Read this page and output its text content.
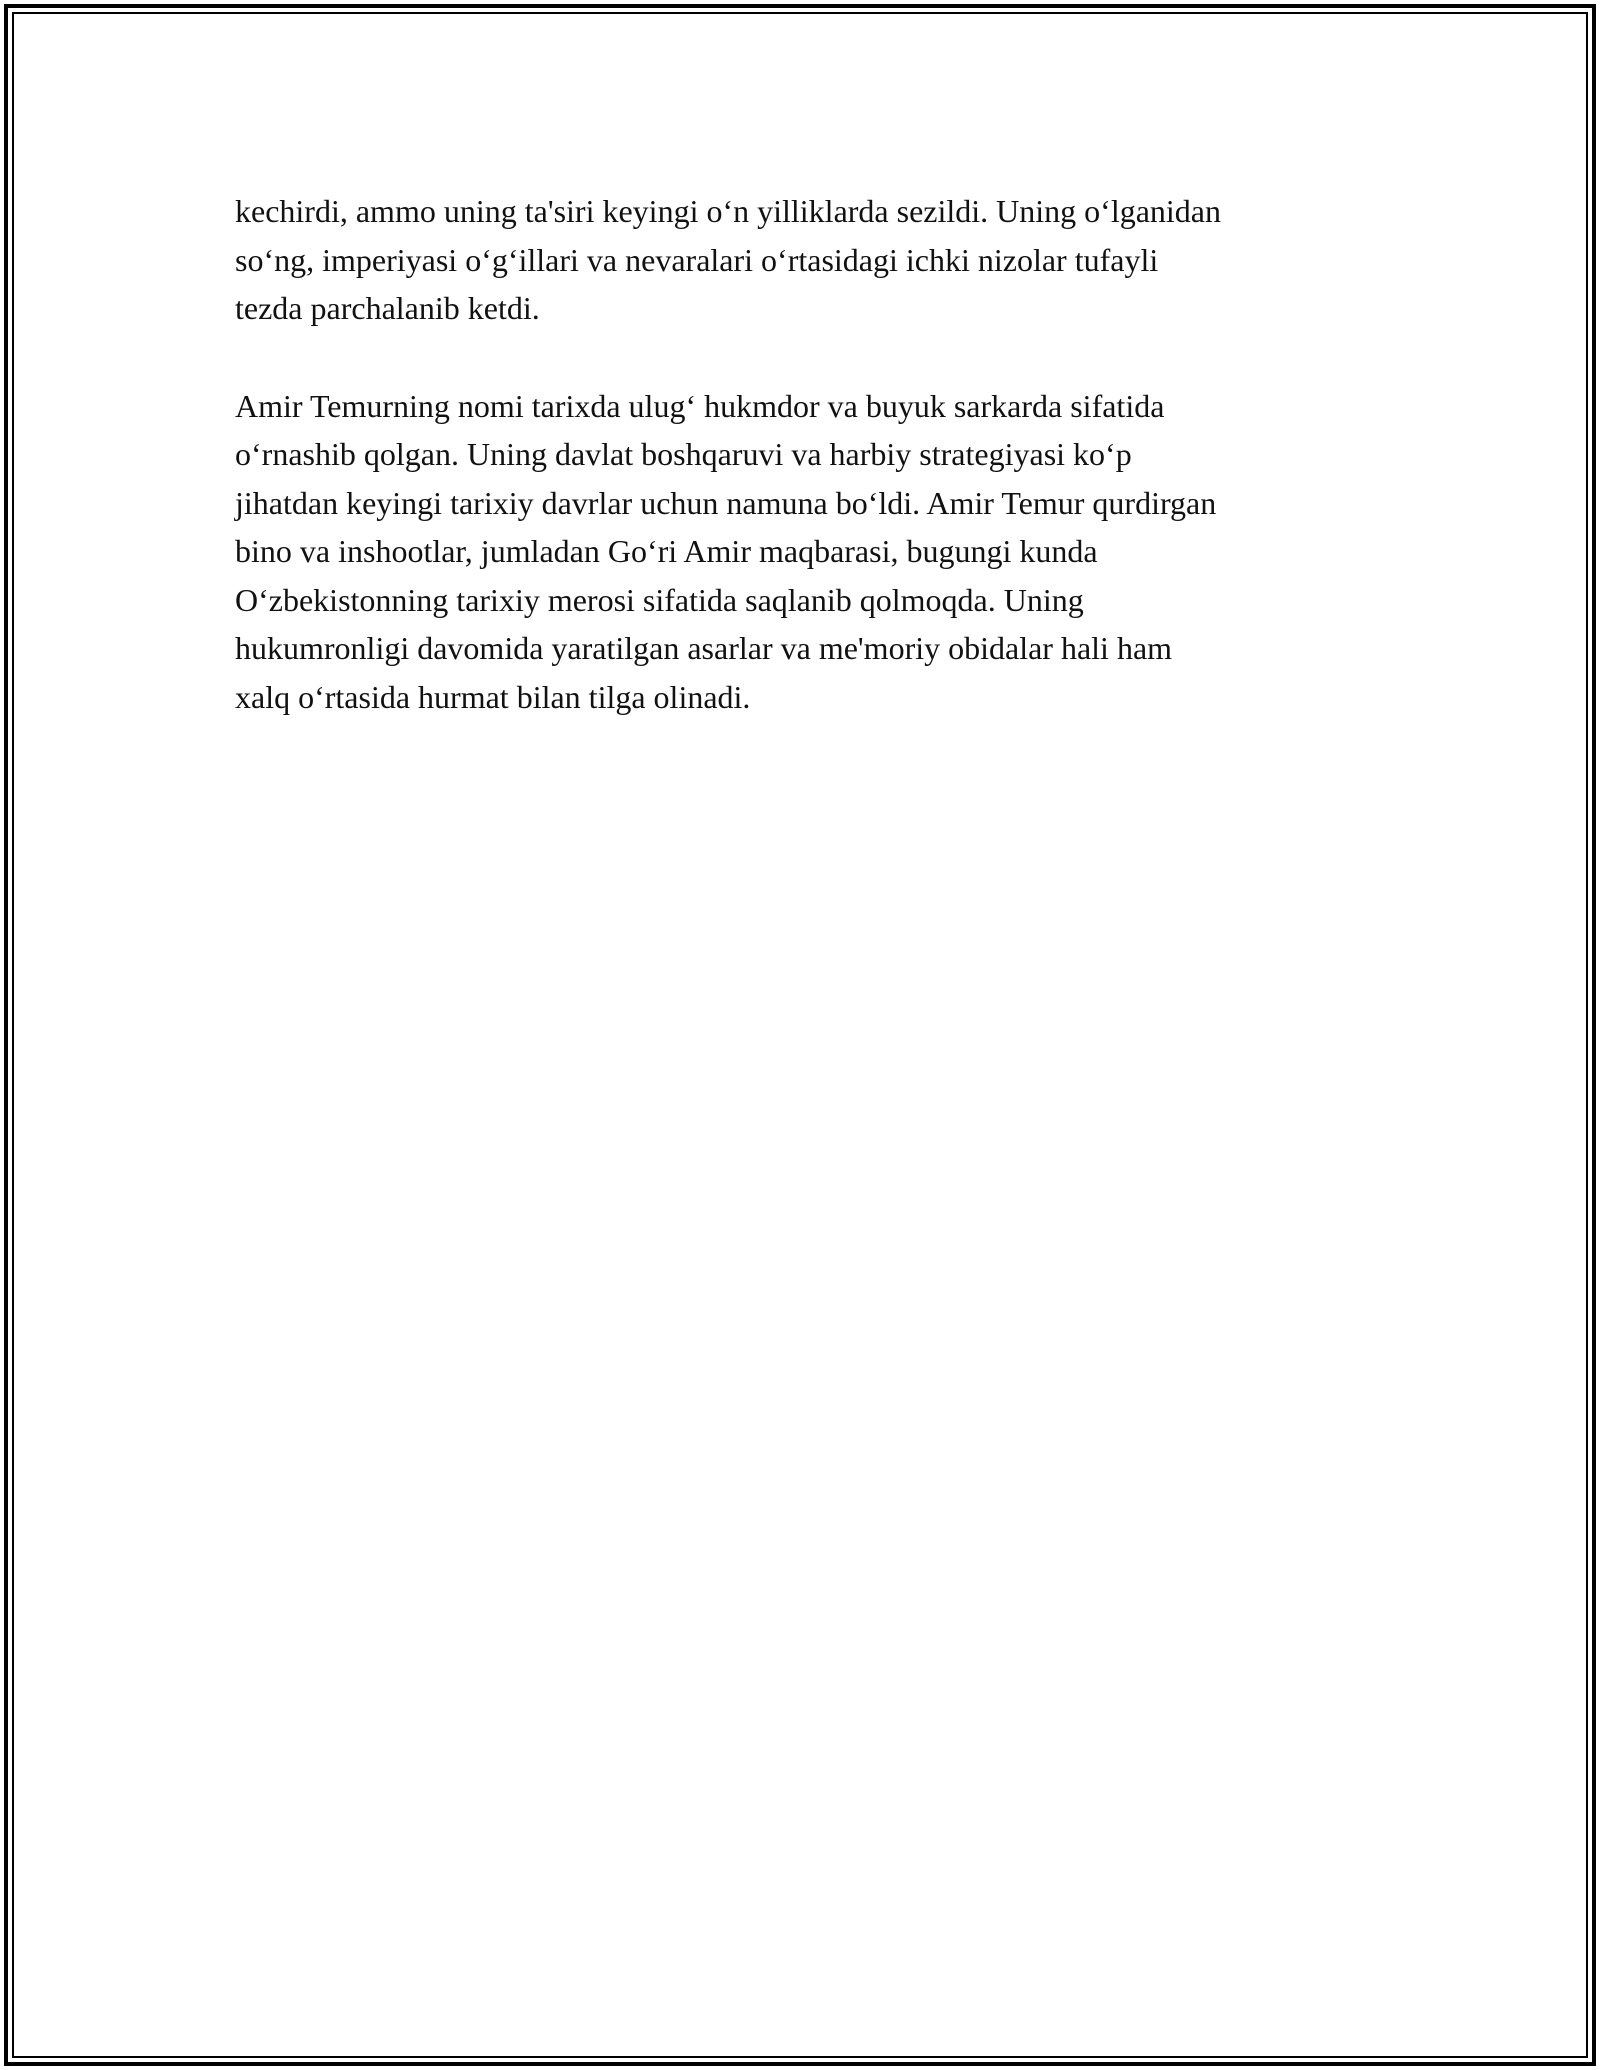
kechirdi, ammo uning ta'siri keyingi o‘n yilliklarda sezildi. Uning o‘lganidan
so‘ng, imperiyasi o‘g‘illari va nevaralari o‘rtasidagi ichki nizolar tufayli
tezda parchalanib ketdi.

Amir Temurning nomi tarixda ulug‘ hukmdor va buyuk sarkarda sifatida
o‘rnashib qolgan. Uning davlat boshqaruvi va harbiy strategiyasi ko‘p
jihatdan keyingi tarixiy davrlar uchun namuna bo‘ldi. Amir Temur qurdirgan
bino va inshootlar, jumladan Go‘ri Amir maqbarasi, bugungi kunda
O‘zbekistonning tarixiy merosi sifatida saqlanib qolmoqda. Uning
hukumronligi davomida yaratilgan asarlar va me'moriy obidalar hali ham
xalq o‘rtasida hurmat bilan tilga olinadi.
